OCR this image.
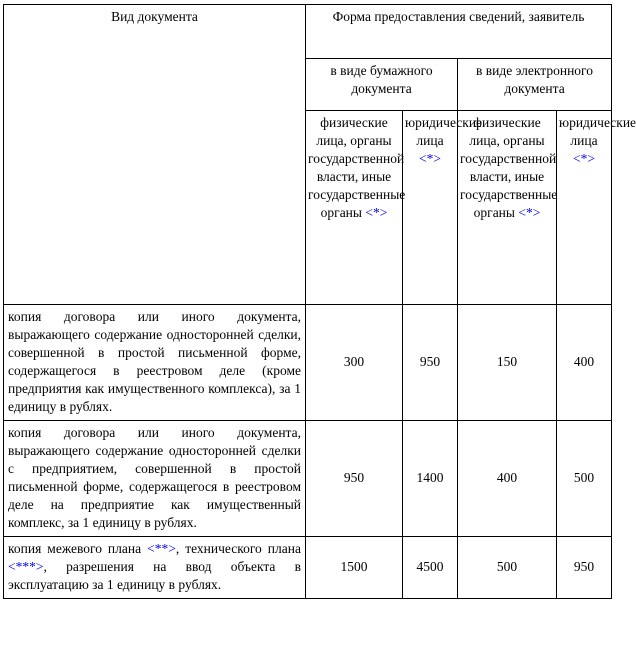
Вид документа	Форма предоставления сведений, заявитель			
	в виде бумажного документа		в виде электронного документа	
	физические лица, органы государственной власти, иные государственные органы <*>	юридические лица <*>	физические лица, органы государственной власти, иные государственные органы <*>	юридические лица <*>
копия договора или иного документа, выражающего содержание односторонней сделки, совершенной в простой письменной форме, содержащегося в реестровом деле (кроме предприятия как имущественного комплекса), за 1 единицу в рублях.	300	950	150	400
копия договора или иного документа, выражающего содержание односторонней сделки с предприятием, совершенной в простой письменной форме, содержащегося в реестровом деле на предприятие как имущественный комплекс, за 1 единицу в рублях.	950	1400	400	500
копия межевого плана <**>, технического плана <***>, разрешения на ввод объекта в эксплуатацию за 1 единицу в рублях.	1500	4500	500	950
